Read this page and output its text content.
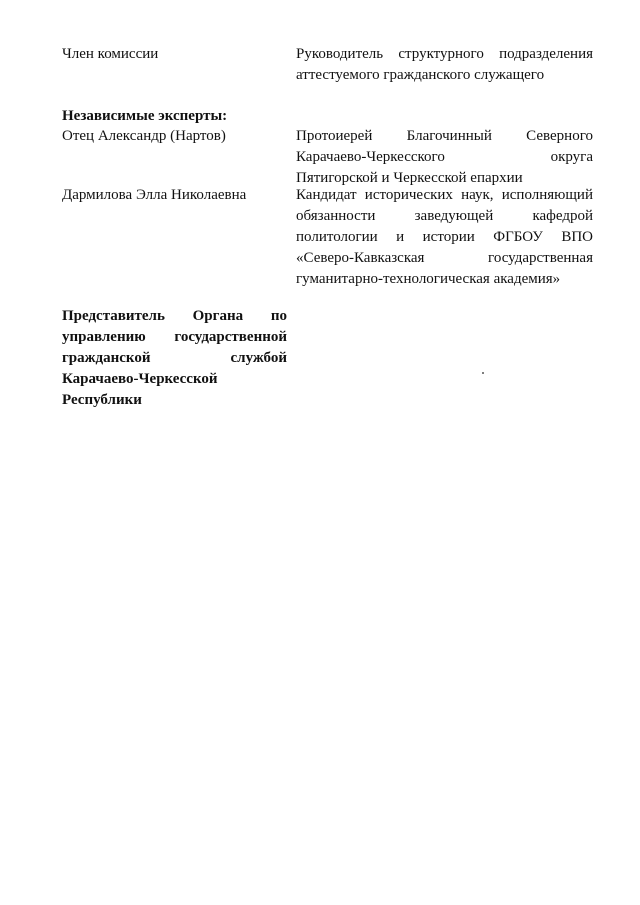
Член комиссии	Руководитель структурного подразделения
аттестуемого гражданского служащего
Независимые эксперты:
Отец Александр (Нартов)	Протоиерей Благочинный Северного
Карачаево-Черкесского округа
Пятигорской и Черкесской епархии
Дармилова Элла Николаевна	Кандидат исторических наук, исполняющий
обязанности заведующей кафедрой
политологии и истории ФГБОУ ВПО
«Северо-Кавказская государственная
гуманитарно-технологическая академия»
Представитель Органа по
управлению государственной
гражданской службой
Карачаево-Черкесской
Республики
